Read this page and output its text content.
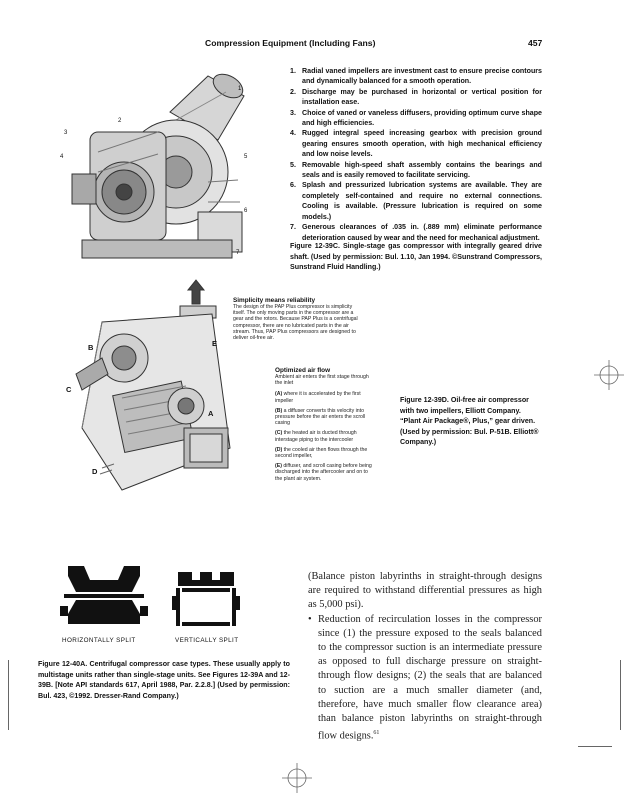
Compression Equipment (Including Fans)	457
1
2
3
4	5
6
7
1. Radial vaned impellers are investment cast to ensure precise contours and dynamically balanced for a smooth operation.
2. Discharge may be purchased in horizontal or vertical position for installation ease.
3. Choice of vaned or vaneless diffusers, providing optimum curve shape and high efficiencies.
4. Rugged integral speed increasing gearbox with precision ground gearing ensures smooth operation, with high mechanical efficiency and low noise levels.
5. Removable high-speed shaft assembly contains the bearings and seals and is easily removed to facilitate servicing.
6. Splash and pressurized lubrication systems are available. They are completely self-contained and require no external connections. Cooling is available. (Pressure lubrication is required on some models.)
7. Generous clearances of .035 in. (.889 mm) eliminate performance deterioration caused by wear and the need for mechanical adjustment.
Figure 12-39C. Single-stage gas compressor with integrally geared drive shaft. (Used by permission: Bul. 1.10, Jan 1994. ©Sunstrand Compressors, Sunstrand Fluid Handling.)
A
B
C
D
E
Simplicity means reliability
The design of the PAP Plus compressor is simplicity itself. The only moving parts in the compressor are a gear and the rotors. Because PAP Plus is a centrifugal compressor, there are no lubricated parts in the air stream. Thus, PAP Plus compressors are designed to deliver oil-free air.
Optimized air flow
Ambient air enters the first stage through the inlet
(A) where it is accelerated by the first impeller
(B) a diffuser converts this velocity into pressure before the air enters the scroll casing
(C) the heated air is ducted through interstage piping to the intercooler
(D) the cooled air then flows through the second impeller,
(E) diffuser, and scroll casing before being discharged into the aftercooler and on to the plant air system.
Figure 12-39D. Oil-free air compressor with two impellers, Elliott Company. “Plant Air Package®, Plus,” gear driven. (Used by permission: Bul. P-51B. Elliott® Company.)
HORIZONTALLY SPLIT	VERTICALLY SPLIT
Figure 12-40A. Centrifugal compressor case types. These usually apply to multistage units rather than single-stage units. See Figures 12-39A and 12-39B. [Note API standards 617, April 1988, Par. 2.2.8.] (Used by permission: Bul. 423, ©1992. Dresser-Rand Company.)

(Balance piston labyrinths in straight-through designs are required to withstand differential pressures as high as 5,000 psi).

• Reduction of recirculation losses in the compressor since (1) the pressure exposed to the seals balanced to the compressor suction is an intermediate pressure as opposed to full discharge pressure on straight-through flow designs; (2) the seals that are balanced to suction are a much smaller diameter (and, therefore, have much smaller flow clearance area) than balance piston labyrinths on straight-through flow designs.$^{61}$
